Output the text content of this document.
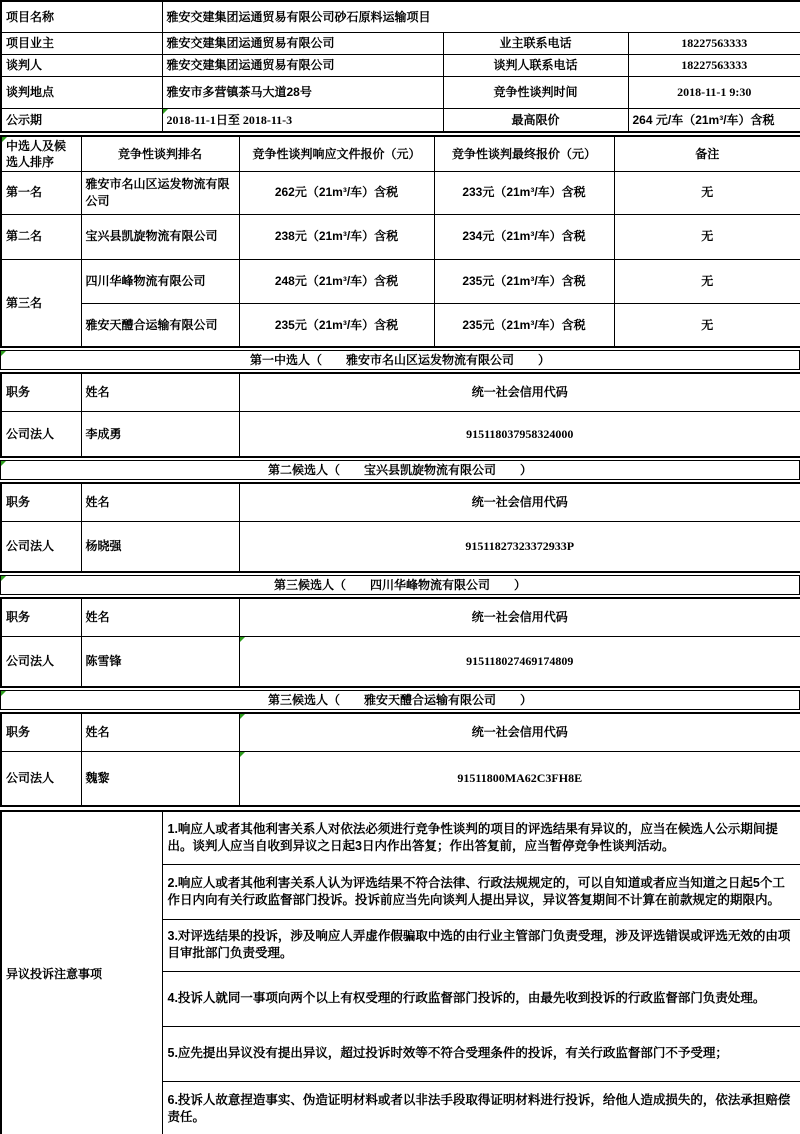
项目名称	雅安交建集团运通贸易有限公司砂石原料运输项目		
项目业主	雅安交建集团运通贸易有限公司	业主联系电话	18227563333
谈判人	雅安交建集团运通贸易有限公司	谈判人联系电话	18227563333
谈判地点	雅安市多营镇茶马大道28号	竞争性谈判时间	2018-11-1 9:30
公示期	2018-11-1日至 2018-11-3	最高限价	264 元/车（21m³/车）含税
中选人及候选人排序	竞争性谈判排名	竞争性谈判响应文件报价（元）	竞争性谈判最终报价（元）	备注
第一名	雅安市名山区运发物流有限公司	262元（21m³/车）含税	233元（21m³/车）含税	无
第二名	宝兴县凯旋物流有限公司	238元（21m³/车）含税	234元（21m³/车）含税	无
第三名	四川华峰物流有限公司	248元（21m³/车）含税	235元（21m³/车）含税	无
	雅安天醴合运输有限公司	235元（21m³/车）含税	235元（21m³/车）含税	无
第一中选人（　　雅安市名山区运发物流有限公司　　）
职务	姓名	统一社会信用代码
公司法人	李成勇	915118037958324000
第二候选人（　　宝兴县凯旋物流有限公司　　）
职务	姓名	统一社会信用代码
公司法人	杨晓强	91511827323372933P
第三候选人（　　四川华峰物流有限公司　　）
职务	姓名	统一社会信用代码
公司法人	陈雪锋	915118027469174809
第三候选人（　　雅安天醴合运输有限公司　　）
职务	姓名	统一社会信用代码
公司法人	魏黎	91511800MA62C3FH8E
异议投诉注意事项	1.响应人或者其他利害关系人对依法必须进行竞争性谈判的项目的评选结果有异议的，应当在候选人公示期间提出。谈判人应当自收到异议之日起3日内作出答复；作出答复前，应当暂停竞争性谈判活动。
2.响应人或者其他利害关系人认为评选结果不符合法律、行政法规规定的，可以自知道或者应当知道之日起5个工作日内向有关行政监督部门投诉。投诉前应当先向谈判人提出异议，异议答复期间不计算在前款规定的期限内。
3.对评选结果的投诉，涉及响应人弄虚作假骗取中选的由行业主管部门负责受理，涉及评选错误或评选无效的由项目审批部门负责受理。
4.投诉人就同一事项向两个以上有权受理的行政监督部门投诉的，由最先收到投诉的行政监督部门负责处理。
5.应先提出异议没有提出异议，超过投诉时效等不符合受理条件的投诉，有关行政监督部门不予受理；
6.投诉人故意捏造事实、伪造证明材料或者以非法手段取得证明材料进行投诉，给他人造成损失的，依法承担赔偿责任。
